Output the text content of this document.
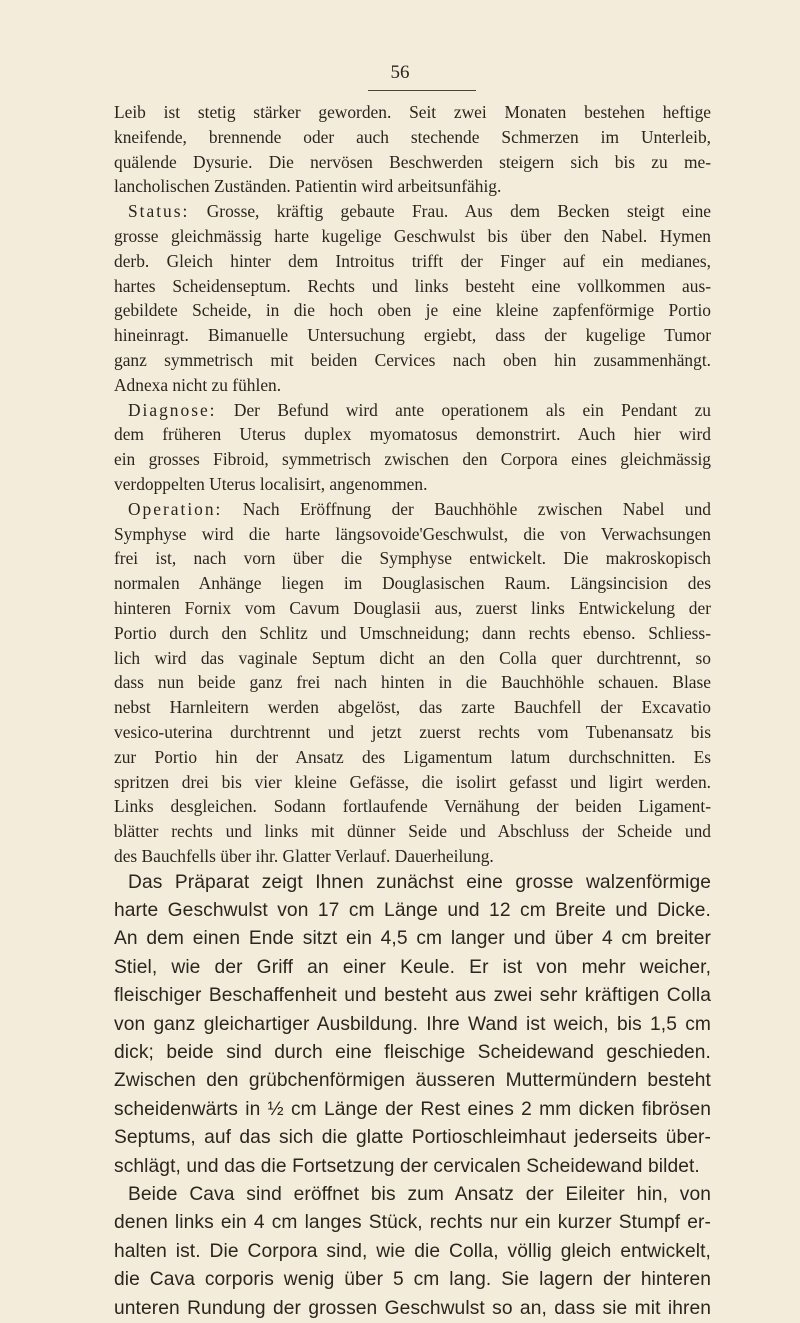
56
Leib ist stetig stärker geworden. Seit zwei Monaten bestehen heftige
kneifende, brennende oder auch stechende Schmerzen im Unterleib,
quälende Dysurie. Die nervösen Beschwerden steigern sich bis zu me-
lancholischen Zuständen. Patientin wird arbeitsunfähig.
Status: Grosse, kräftig gebaute Frau. Aus dem Becken steigt eine
grosse gleichmässig harte kugelige Geschwulst bis über den Nabel. Hymen
derb. Gleich hinter dem Introitus trifft der Finger auf ein medianes,
hartes Scheidenseptum. Rechts und links besteht eine vollkommen aus-
gebildete Scheide, in die hoch oben je eine kleine zapfenförmige Portio
hineinragt. Bimanuelle Untersuchung ergiebt, dass der kugelige Tumor
ganz symmetrisch mit beiden Cervices nach oben hin zusammenhängt.
Adnexa nicht zu fühlen.
Diagnose: Der Befund wird ante operationem als ein Pendant zu
dem früheren Uterus duplex myomatosus demonstrirt. Auch hier wird
ein grosses Fibroid, symmetrisch zwischen den Corpora eines gleichmässig
verdoppelten Uterus localisirt, angenommen.
Operation: Nach Eröffnung der Bauchhöhle zwischen Nabel und
Symphyse wird die harte längsovoide'Geschwulst, die von Verwachsungen
frei ist, nach vorn über die Symphyse entwickelt. Die makroskopisch
normalen Anhänge liegen im Douglasischen Raum. Längsincision des
hinteren Fornix vom Cavum Douglasii aus, zuerst links Entwickelung der
Portio durch den Schlitz und Umschneidung; dann rechts ebenso. Schliess-
lich wird das vaginale Septum dicht an den Colla quer durchtrennt, so
dass nun beide ganz frei nach hinten in die Bauchhöhle schauen. Blase
nebst Harnleitern werden abgelöst, das zarte Bauchfell der Excavatio
vesico-uterina durchtrennt und jetzt zuerst rechts vom Tubenansatz bis
zur Portio hin der Ansatz des Ligamentum latum durchschnitten. Es
spritzen drei bis vier kleine Gefässe, die isolirt gefasst und ligirt werden.
Links desgleichen. Sodann fortlaufende Vernähung der beiden Ligament-
blätter rechts und links mit dünner Seide und Abschluss der Scheide und
des Bauchfells über ihr. Glatter Verlauf. Dauerheilung.
Das Präparat zeigt Ihnen zunächst eine grosse walzenförmige
harte Geschwulst von 17 cm Länge und 12 cm Breite und Dicke.
An dem einen Ende sitzt ein 4,5 cm langer und über 4 cm breiter
Stiel, wie der Griff an einer Keule. Er ist von mehr weicher,
fleischiger Beschaffenheit und besteht aus zwei sehr kräftigen Colla
von ganz gleichartiger Ausbildung. Ihre Wand ist weich, bis 1,5 cm
dick; beide sind durch eine fleischige Scheidewand geschieden.
Zwischen den grübchenförmigen äusseren Muttermündern besteht
scheidenwärts in ½ cm Länge der Rest eines 2 mm dicken fibrösen
Septums, auf das sich die glatte Portioschleimhaut jederseits über-
schlägt, und das die Fortsetzung der cervicalen Scheidewand bildet.
Beide Cava sind eröffnet bis zum Ansatz der Eileiter hin, von
denen links ein 4 cm langes Stück, rechts nur ein kurzer Stumpf er-
halten ist. Die Corpora sind, wie die Colla, völlig gleich entwickelt,
die Cava corporis wenig über 5 cm lang. Sie lagern der hinteren
unteren Rundung der grossen Geschwulst so an, dass sie mit ihren
